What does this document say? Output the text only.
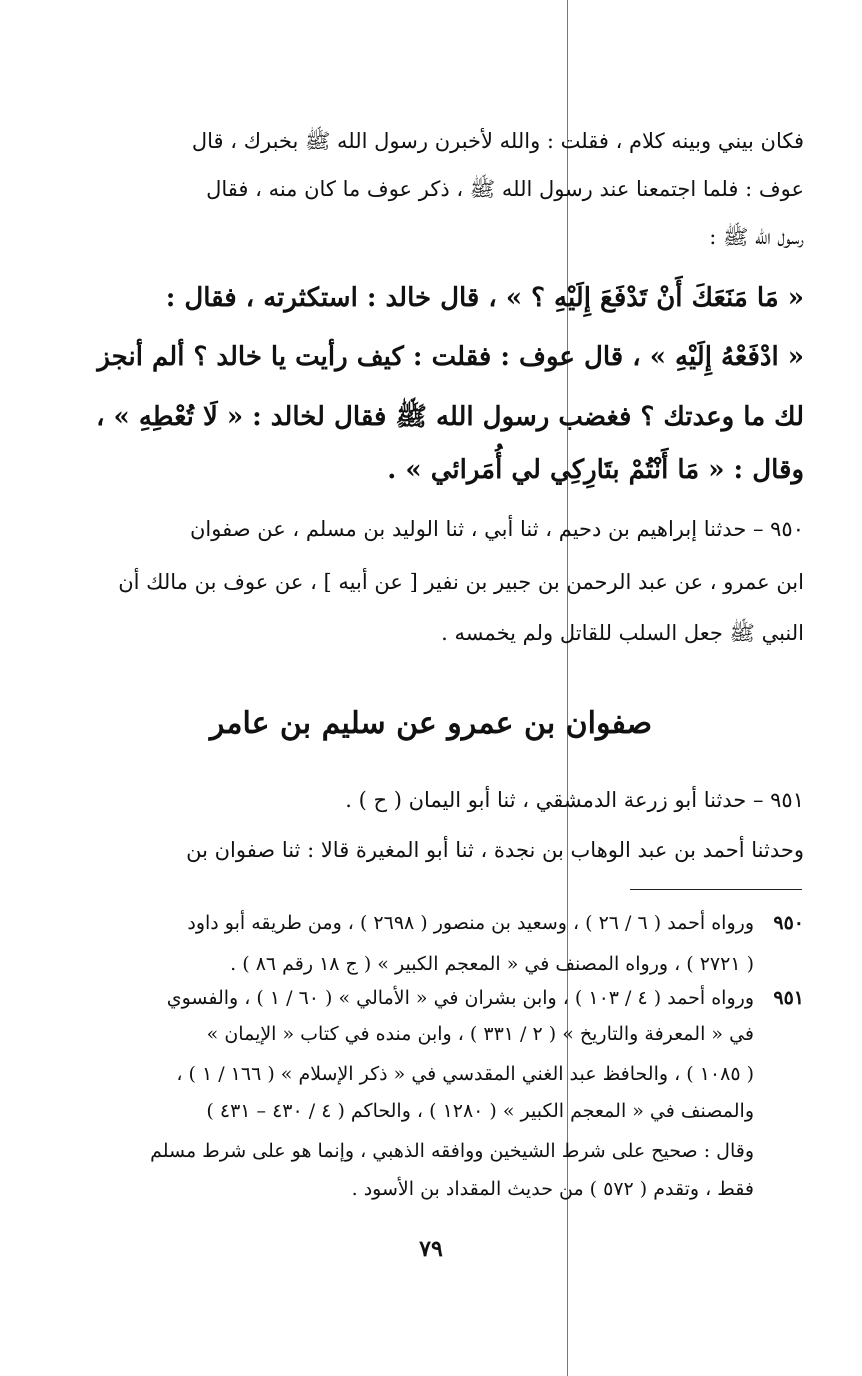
فكان بيني وبينه كلام ، فقلت : والله لأخبرن رسول الله ﷺ بخبرك ، قال
عوف : فلما اجتمعنا عند رسول الله ﷺ ، ذكر عوف ما كان منه ، فقال
رسول الله ﷺ :
« مَا مَنَعَكَ أَنْ تَدْفَعَ إِلَيْهِ ؟ » ، قال خالد : استكثرته ، فقال :
« ادْفَعْهُ إِلَيْهِ » ، قال عوف : فقلت : كيف رأيت يا خالد ؟ ألم أنجز
لك ما وعدتك ؟ فغضب رسول الله ﷺ فقال لخالد : « لَا تُعْطِهِ » ،
وقال : « مَا أَنْتُمْ بتَارِكِي لي أُمَرائي » .
٩٥٠ – حدثنا إبراهيم بن دحيم ، ثنا أبي ، ثنا الوليد بن مسلم ، عن صفوان
ابن عمرو ، عن عبد الرحمن بن جبير بن نفير [ عن أبيه ] ، عن عوف بن مالك أن
النبي ﷺ جعل السلب للقاتل ولم يخمسه .
صفوان بن عمرو عن سليم بن عامر
٩٥١ – حدثنا أبو زرعة الدمشقي ، ثنا أبو اليمان ( ح ) .
وحدثنا أحمد بن عبد الوهاب بن نجدة ، ثنا أبو المغيرة قالا : ثنا صفوان بن
٩٥٠
ورواه أحمد ( ٦ / ٢٦ ) ، وسعيد بن منصور ( ٢٦٩٨ ) ، ومن طريقه أبو داود
( ٢٧٢١ ) ، ورواه المصنف في « المعجم الكبير » ( ج ١٨ رقم ٨٦ ) .
٩٥١
ورواه أحمد ( ٤ / ١٠٣ ) ، وابن بشران في « الأمالي » ( ٦٠ / ١ ) ، والفسوي
في « المعرفة والتاريخ » ( ٢ / ٣٣١ ) ، وابن منده في كتاب « الإيمان »
( ١٠٨٥ ) ، والحافظ عبد الغني المقدسي في « ذكر الإسلام » ( ١٦٦ / ١ ) ،
والمصنف في « المعجم الكبير » ( ١٢٨٠ ) ، والحاكم ( ٤ / ٤٣٠ – ٤٣١ )
وقال : صحيح على شرط الشيخين ووافقه الذهبي ، وإنما هو على شرط مسلم
فقط ، وتقدم ( ٥٧٢ ) من حديث المقداد بن الأسود .
٧٩
